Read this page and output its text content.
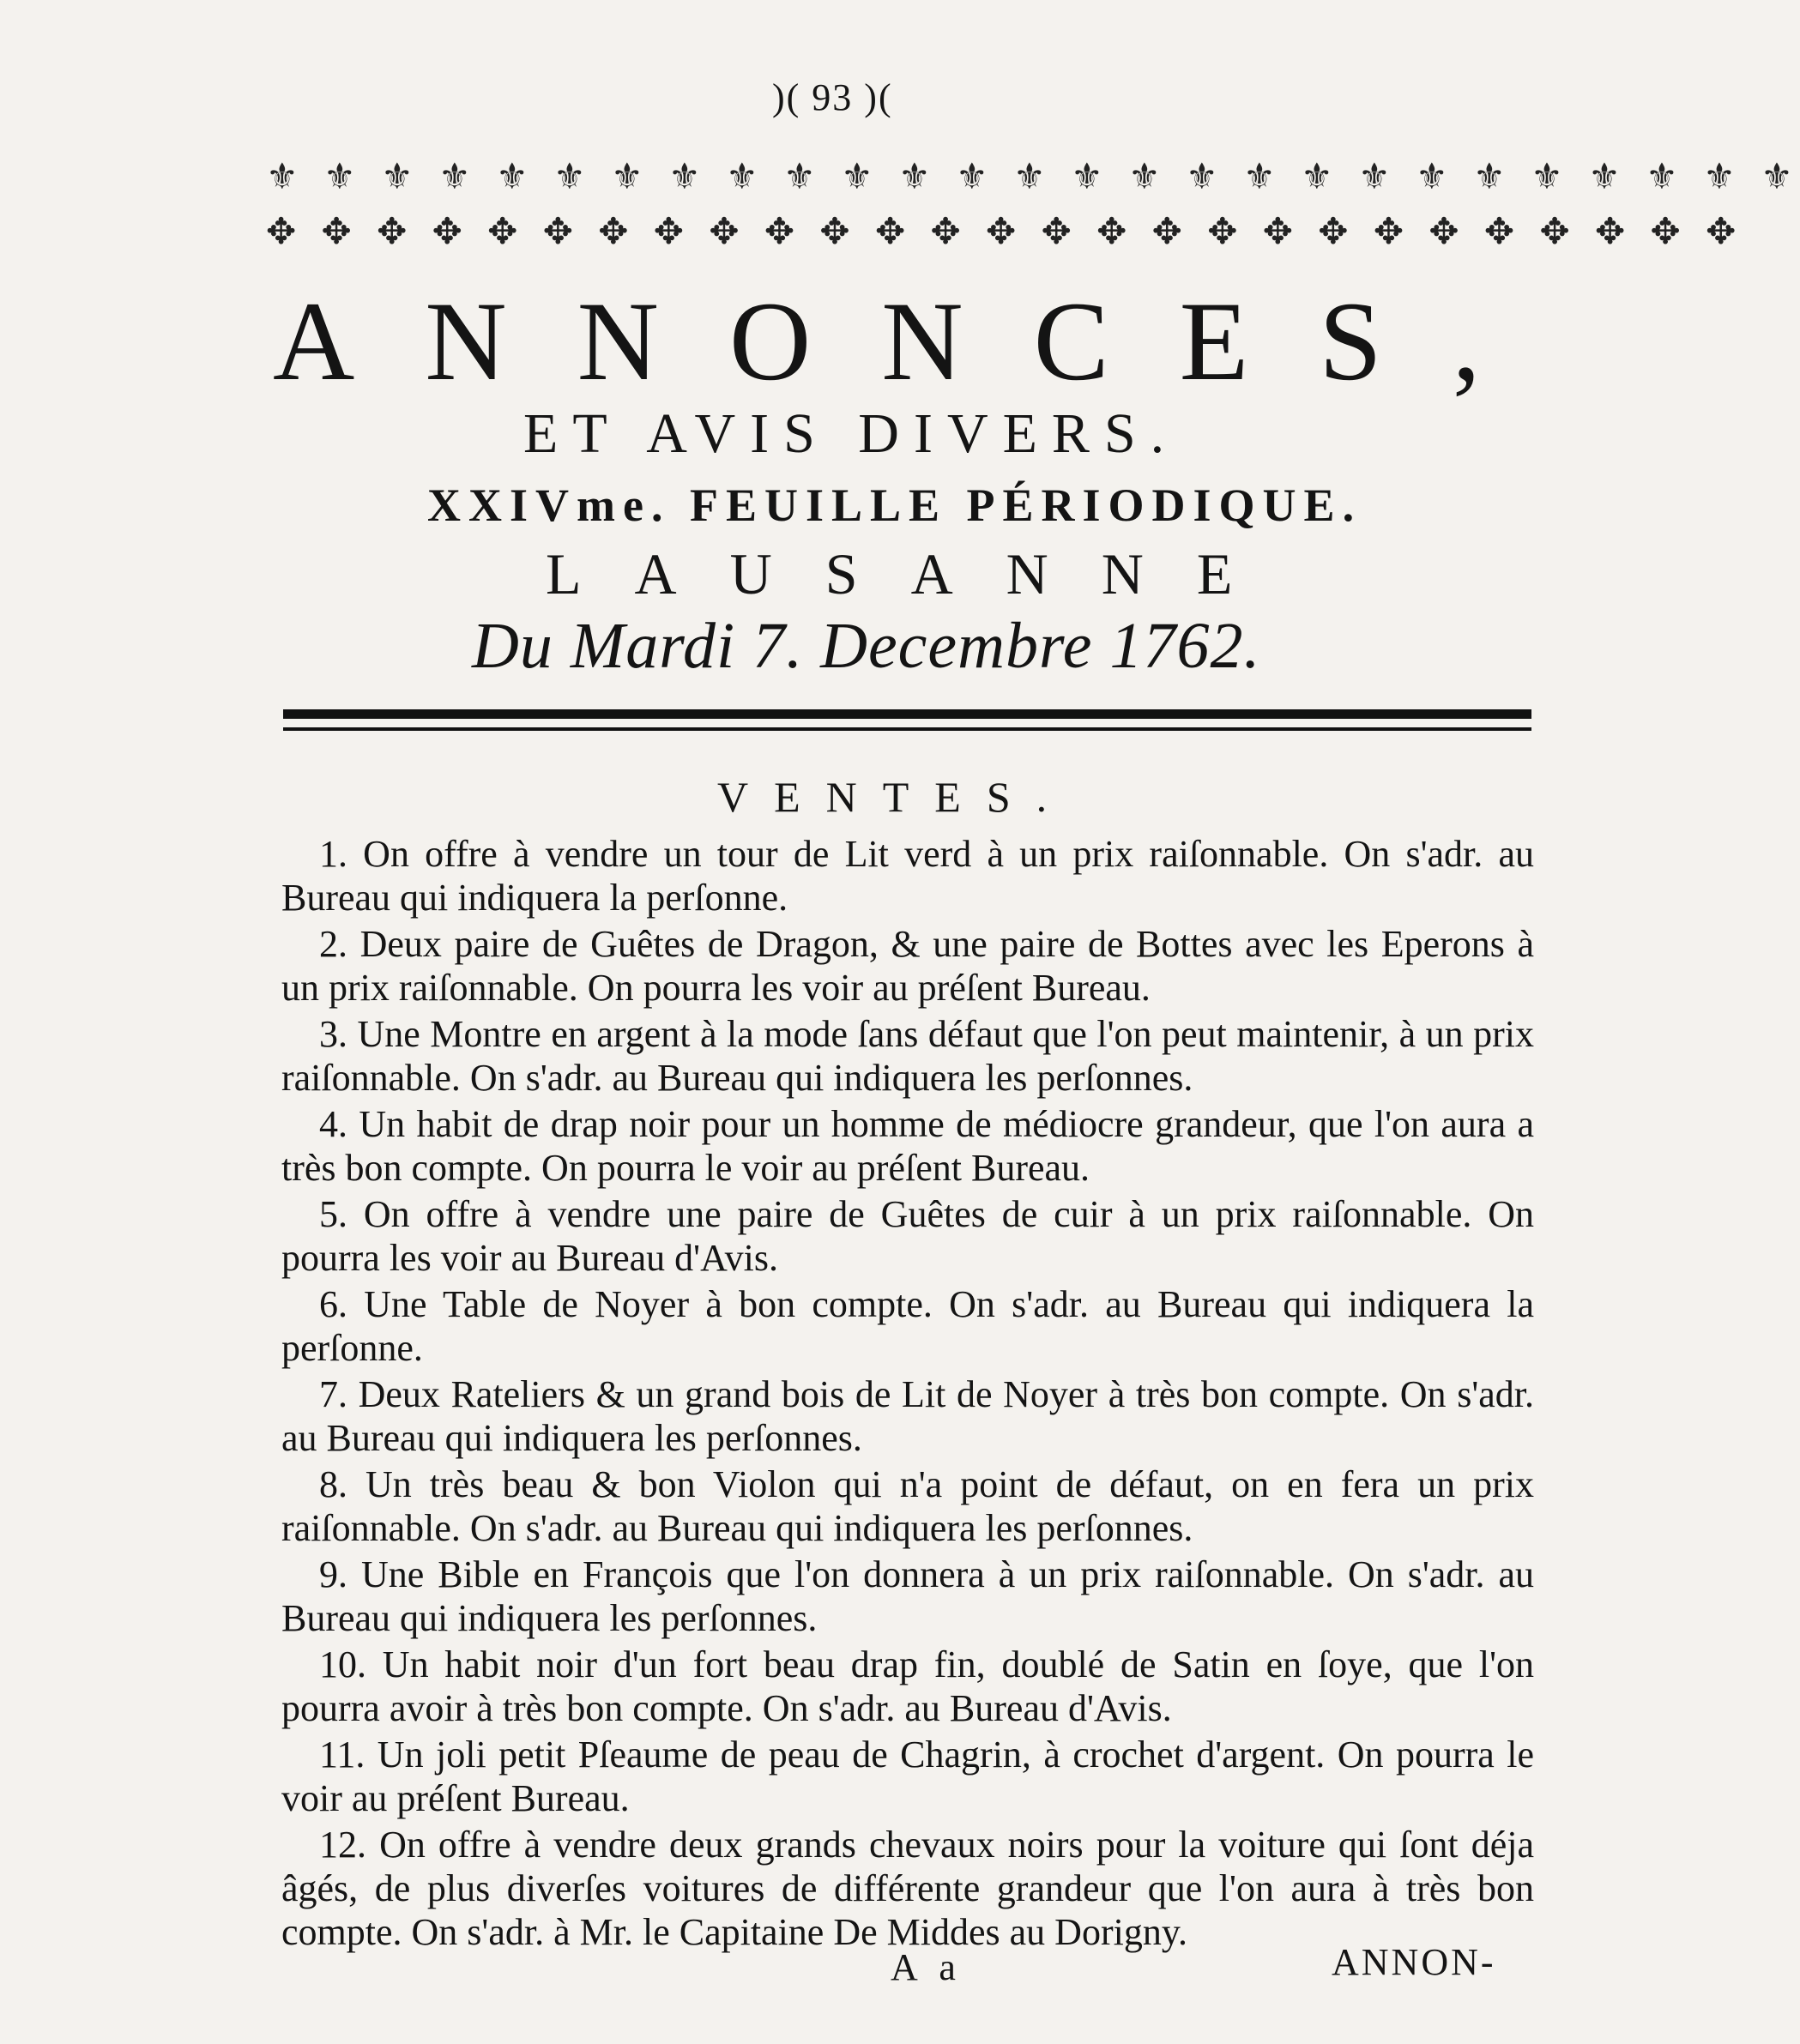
)( 93 )(
⚜ ⚜ ⚜ ⚜ ⚜ ⚜ ⚜ ⚜ ⚜ ⚜ ⚜ ⚜ ⚜ ⚜ ⚜ ⚜ ⚜ ⚜ ⚜ ⚜ ⚜ ⚜ ⚜ ⚜ ⚜ ⚜ ⚜
✥ ✥ ✥ ✥ ✥ ✥ ✥ ✥ ✥ ✥ ✥ ✥ ✥ ✥ ✥ ✥ ✥ ✥ ✥ ✥ ✥ ✥ ✥ ✥ ✥ ✥ ✥
ANNONCES,
ET AVIS DIVERS.
XXIVme. FEUILLE PÉRIODIQUE.
LAUSANNE
Du Mardi 7. Decembre 1762.
VENTES.

1. On offre à vendre un tour de Lit verd à un prix raiſonnable. On s'adr. au Bureau qui indiquera la perſonne.

2. Deux paire de Guêtes de Dragon, & une paire de Bottes avec les Eperons à un prix raiſonnable. On pourra les voir au préſent Bureau.

3. Une Montre en argent à la mode ſans défaut que l'on peut maintenir, à un prix raiſonnable. On s'adr. au Bureau qui indiquera les perſonnes.

4. Un habit de drap noir pour un homme de médiocre grandeur, que l'on aura a très bon compte. On pourra le voir au préſent Bureau.

5. On offre à vendre une paire de Guêtes de cuir à un prix raiſonnable. On pourra les voir au Bureau d'Avis.

6. Une Table de Noyer à bon compte. On s'adr. au Bureau qui indiquera la perſonne.

7. Deux Rateliers & un grand bois de Lit de Noyer à très bon compte. On s'adr. au Bureau qui indiquera les perſonnes.

8. Un très beau & bon Violon qui n'a point de défaut, on en fera un prix raiſonnable. On s'adr. au Bureau qui indiquera les perſonnes.

9. Une Bible en François que l'on donnera à un prix raiſonnable. On s'adr. au Bureau qui indiquera les perſonnes.

10. Un habit noir d'un fort beau drap fin, doublé de Satin en ſoye, que l'on pourra avoir à très bon compte. On s'adr. au Bureau d'Avis.

11. Un joli petit Pſeaume de peau de Chagrin, à crochet d'argent. On pourra le voir au préſent Bureau.

12. On offre à vendre deux grands chevaux noirs pour la voiture qui ſont déja âgés, de plus diverſes voitures de différente grandeur que l'on aura à très bon compte. On s'adr. à Mr. le Capitaine De Middes au Dorigny.

A a	ANNON-
